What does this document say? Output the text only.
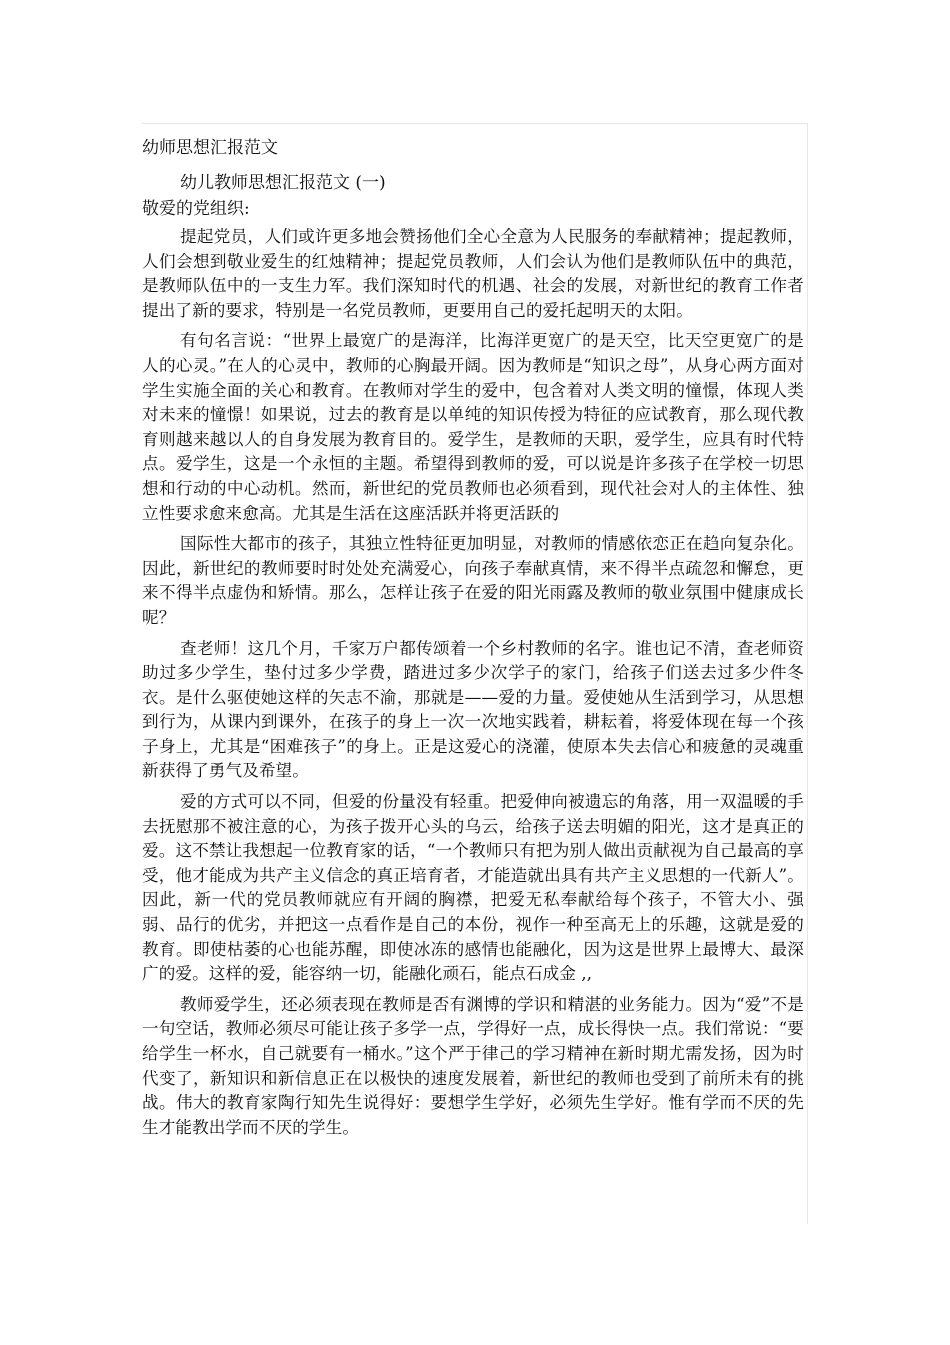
幼师思想汇报范文

幼儿教师思想汇报范文 (一)

敬爱的党组织:

提起党员，人们或许更多地会赞扬他们全心全意为人民服务的奉献精神；提起教师，人们会想到敬业爱生的红烛精神；提起党员教师，人们会认为他们是教师队伍中的典范，是教师队伍中的一支生力军。我们深知时代的机遇、社会的发展，对新世纪的教育工作者提出了新的要求，特别是一名党员教师，更要用自己的爱托起明天的太阳。

有句名言说：“世界上最宽广的是海洋，比海洋更宽广的是天空，比天空更宽广的是人的心灵。”在人的心灵中，教师的心胸最开阔。因为教师是“知识之母”，从身心两方面对学生实施全面的关心和教育。在教师对学生的爱中，包含着对人类文明的憧憬，体现人类对未来的憧憬！如果说，过去的教育是以单纯的知识传授为特征的应试教育，那么现代教育则越来越以人的自身发展为教育目的。爱学生，是教师的天职，爱学生，应具有时代特点。爱学生，这是一个永恒的主题。希望得到教师的爱，可以说是许多孩子在学校一切思想和行动的中心动机。然而，新世纪的党员教师也必须看到，现代社会对人的主体性、独立性要求愈来愈高。尤其是生活在这座活跃并将更活跃的

国际性大都市的孩子，其独立性特征更加明显，对教师的情感依恋正在趋向复杂化。因此，新世纪的教师要时时处处充满爱心，向孩子奉献真情，来不得半点疏忽和懈怠，更来不得半点虚伪和矫情。那么，怎样让孩子在爱的阳光雨露及教师的敬业氛围中健康成长呢？

查老师！这几个月，千家万户都传颂着一个乡村教师的名字。谁也记不清，查老师资助过多少学生，垫付过多少学费，踏进过多少次学子的家门，给孩子们送去过多少件冬衣。是什么驱使她这样的矢志不渝，那就是——爱的力量。爱使她从生活到学习，从思想到行为，从课内到课外，在孩子的身上一次一次地实践着，耕耘着，将爱体现在每一个孩子身上，尤其是“困难孩子”的身上。正是这爱心的浇灌，使原本失去信心和疲惫的灵魂重新获得了勇气及希望。

爱的方式可以不同，但爱的份量没有轻重。把爱伸向被遗忘的角落，用一双温暖的手去抚慰那不被注意的心，为孩子拨开心头的乌云，给孩子送去明媚的阳光，这才是真正的爱。这不禁让我想起一位教育家的话，“一个教师只有把为别人做出贡献视为自己最高的享受，他才能成为共产主义信念的真正培育者，才能造就出具有共产主义思想的一代新人”。因此，新一代的党员教师就应有开阔的胸襟，把爱无私奉献给每个孩子，不管大小、强弱、品行的优劣，并把这一点看作是自己的本份，视作一种至高无上的乐趣，这就是爱的教育。即使枯萎的心也能苏醒，即使冰冻的感情也能融化，因为这是世界上最博大、最深广的爱。这样的爱，能容纳一切，能融化顽石，能点石成金 ,,

教师爱学生，还必须表现在教师是否有渊博的学识和精湛的业务能力。因为“爱”不是一句空话，教师必须尽可能让孩子多学一点，学得好一点，成长得快一点。我们常说：“要给学生一杯水，自己就要有一桶水。”这个严于律己的学习精神在新时期尤需发扬，因为时代变了，新知识和新信息正在以极快的速度发展着，新世纪的教师也受到了前所未有的挑战。伟大的教育家陶行知先生说得好：要想学生学好，必须先生学好。惟有学而不厌的先生才能教出学而不厌的学生。
